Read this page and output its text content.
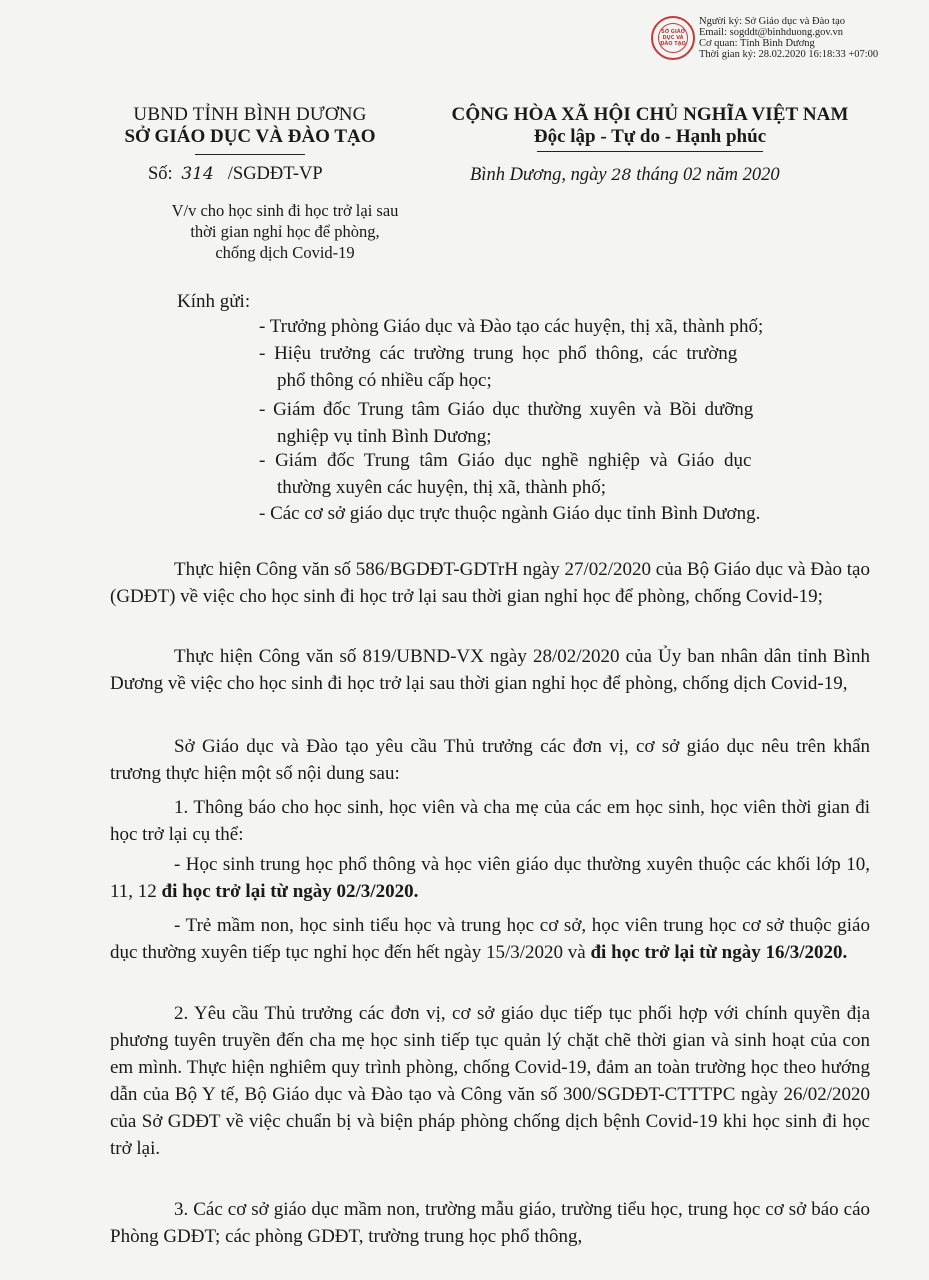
SỞ GIÁO DỤC VÀ ĐÀO TẠO
Người ký: Sở Giáo dục và Đào tạo
Email: sogddt@binhduong.gov.vn
Cơ quan: Tỉnh Bình Dương
Thời gian ký: 28.02.2020 16:18:33 +07:00
UBND TỈNH BÌNH DƯƠNG
SỞ GIÁO DỤC VÀ ĐÀO TẠO
CỘNG HÒA XÃ HỘI CHỦ NGHĨA VIỆT NAM
Độc lập - Tự do - Hạnh phúc
Số: 314 /SGDĐT-VP	Bình Dương, ngày 28 tháng 02 năm 2020
V/v cho học sinh đi học trở lại sau
thời gian nghỉ học để phòng,
chống dịch Covid-19
Kính gửi:
- Trưởng phòng Giáo dục và Đào tạo các huyện, thị xã, thành phố;
- Hiệu trưởng các trường trung học phổ thông, các trường
phổ thông có nhiều cấp học;
- Giám đốc Trung tâm Giáo dục thường xuyên và Bồi dưỡng
nghiệp vụ tỉnh Bình Dương;
- Giám đốc Trung tâm Giáo dục nghề nghiệp và Giáo dục
thường xuyên các huyện, thị xã, thành phố;
- Các cơ sở giáo dục trực thuộc ngành Giáo dục tỉnh Bình Dương.
Thực hiện Công văn số 586/BGDĐT-GDTrH ngày 27/02/2020 của Bộ Giáo dục và Đào tạo (GDĐT) về việc cho học sinh đi học trở lại sau thời gian nghỉ học để phòng, chống Covid-19;
Thực hiện Công văn số 819/UBND-VX ngày 28/02/2020 của Ủy ban nhân dân tỉnh Bình Dương về việc cho học sinh đi học trở lại sau thời gian nghỉ học để phòng, chống dịch Covid-19,
Sở Giáo dục và Đào tạo yêu cầu Thủ trưởng các đơn vị, cơ sở giáo dục nêu trên khẩn trương thực hiện một số nội dung sau:
1. Thông báo cho học sinh, học viên và cha mẹ của các em học sinh, học viên thời gian đi học trở lại cụ thể:
- Học sinh trung học phổ thông và học viên giáo dục thường xuyên thuộc các khối lớp 10, 11, 12 đi học trở lại từ ngày 02/3/2020.
- Trẻ mầm non, học sinh tiểu học và trung học cơ sở, học viên trung học cơ sở thuộc giáo dục thường xuyên tiếp tục nghỉ học đến hết ngày 15/3/2020 và đi học trở lại từ ngày 16/3/2020.
2. Yêu cầu Thủ trưởng các đơn vị, cơ sở giáo dục tiếp tục phối hợp với chính quyền địa phương tuyên truyền đến cha mẹ học sinh tiếp tục quản lý chặt chẽ thời gian và sinh hoạt của con em mình. Thực hiện nghiêm quy trình phòng, chống Covid-19, đảm an toàn trường học theo hướng dẫn của Bộ Y tế, Bộ Giáo dục và Đào tạo và Công văn số 300/SGDĐT-CTTTPC ngày 26/02/2020 của Sở GDĐT về việc chuẩn bị và biện pháp phòng chống dịch bệnh Covid-19 khi học sinh đi học trở lại.
3. Các cơ sở giáo dục mầm non, trường mẫu giáo, trường tiểu học, trung học cơ sở báo cáo Phòng GDĐT; các phòng GDĐT, trường trung học phổ thông,
